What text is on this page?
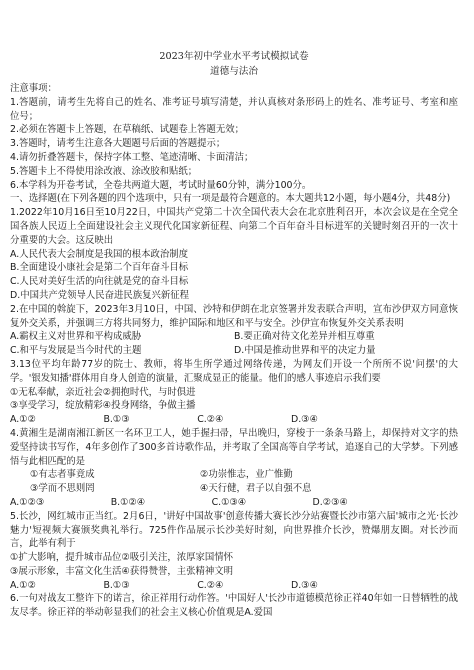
2023年初中学业水平考试模拟试卷

道德与法治

注意事项：

1.答题前，请考生先将自己的姓名、准考证号填写清楚，并认真核对条形码上的姓名、准考证号、考室和座位号；

2.必须在答题卡上答题，在草稿纸、试题卷上答题无效；

3.答题时，请考生注意各大题题号后面的答题提示；

4.请勿折叠答题卡，保持字体工整、笔迹清晰、卡面清洁；

5.答题卡上不得使用涂改液、涂改胶和贴纸；

6.本学科为开卷考试，全卷共两道大题，考试时量60分钟，满分100分。

一、选择题(在下列各题的四个选项中，只有一项是最符合题意的。本大题共12小题，每小题4分，共48分)

1.2022年10月16日至10月22日，中国共产党第二十次全国代表大会在北京胜利召开，本次会议是在全党全国各族人民迈上全面建设社会主义现代化国家新征程、向第二个百年奋斗目标进军的关键时刻召开的一次十分重要的大会。这反映出

A.人民代表大会制度是我国的根本政治制度

B.全面建设小康社会是第二个百年奋斗目标

C.人民对美好生活的向往就是党的奋斗目标

D.中国共产党领导人民奋进民族复兴新征程

2.在中国的斡旋下，2023年3月10日，中国、沙特和伊朗在北京签署并发表联合声明，宣布沙伊双方同意恢复外交关系，并强调三方将共同努力，维护国际和地区和平与安全。沙伊宣布恢复外交关系表明

A.霸权主义对世界和平构成威胁	B.要正确对待文化差异并相互尊重
C.和平与发展是当今时代的主题	D.中国是推动世界和平的决定力量

3.13位平均年龄77岁的院士、教师，将毕生所学通过网络传递，为网友们开设一个所所不说'问摆'的大学。'银发知播'群体用自身人创造的演量，汇聚成显正的能量。他们的感人事迹启示我们要

①无私奉献，亲近社会②拥抱时代，与时俱进

③享受学习，绽放精彩④投身网络，争做主播

A.①②	B.①③	C.②④	D.③④

4.黄湘生是湖南湘江新区一名环卫工人，她手握扫帚，早出晚归，穿梭于一条条马路上，却保持对文字的热爱坚持读书写作，4年多创作了300多首诗歌作品，并考取了全国高等自学考试，追逐自己的大学梦。下列感悟与此相匹配的是

①有志者事竟成	②功崇惟志，业广惟勤
③学而不思则罔	④天行健，君子以自强不息
A.①②③	B.①②④	C.①③④	D.②③④

5.长沙，网红城市正当红。2月6日，'讲好中国故事'创意传播大赛长沙分站赛暨长沙市第六届'城市之光·长沙魅力'短视频大赛颁奖典礼举行。725件作品展示长沙美好时刻，向世界推介长沙，赞爆朋友圈。对长沙而言，此举有利于

①扩大影响，提升城市品位②吸引关注，浓厚家国情怀

③展示形象，丰富文化生活④获得赞誉，主张精神文明

A.①②	B.①③	C.②④	D.③④

6.一句对战友工整许下的诺言，徐正祥用行动作答。'中国好人'长沙市道德模范徐正祥40年如一日替牺牲的战友尽孝。徐正祥的举动彰显我们的社会主义核心价值观是A.爱国
